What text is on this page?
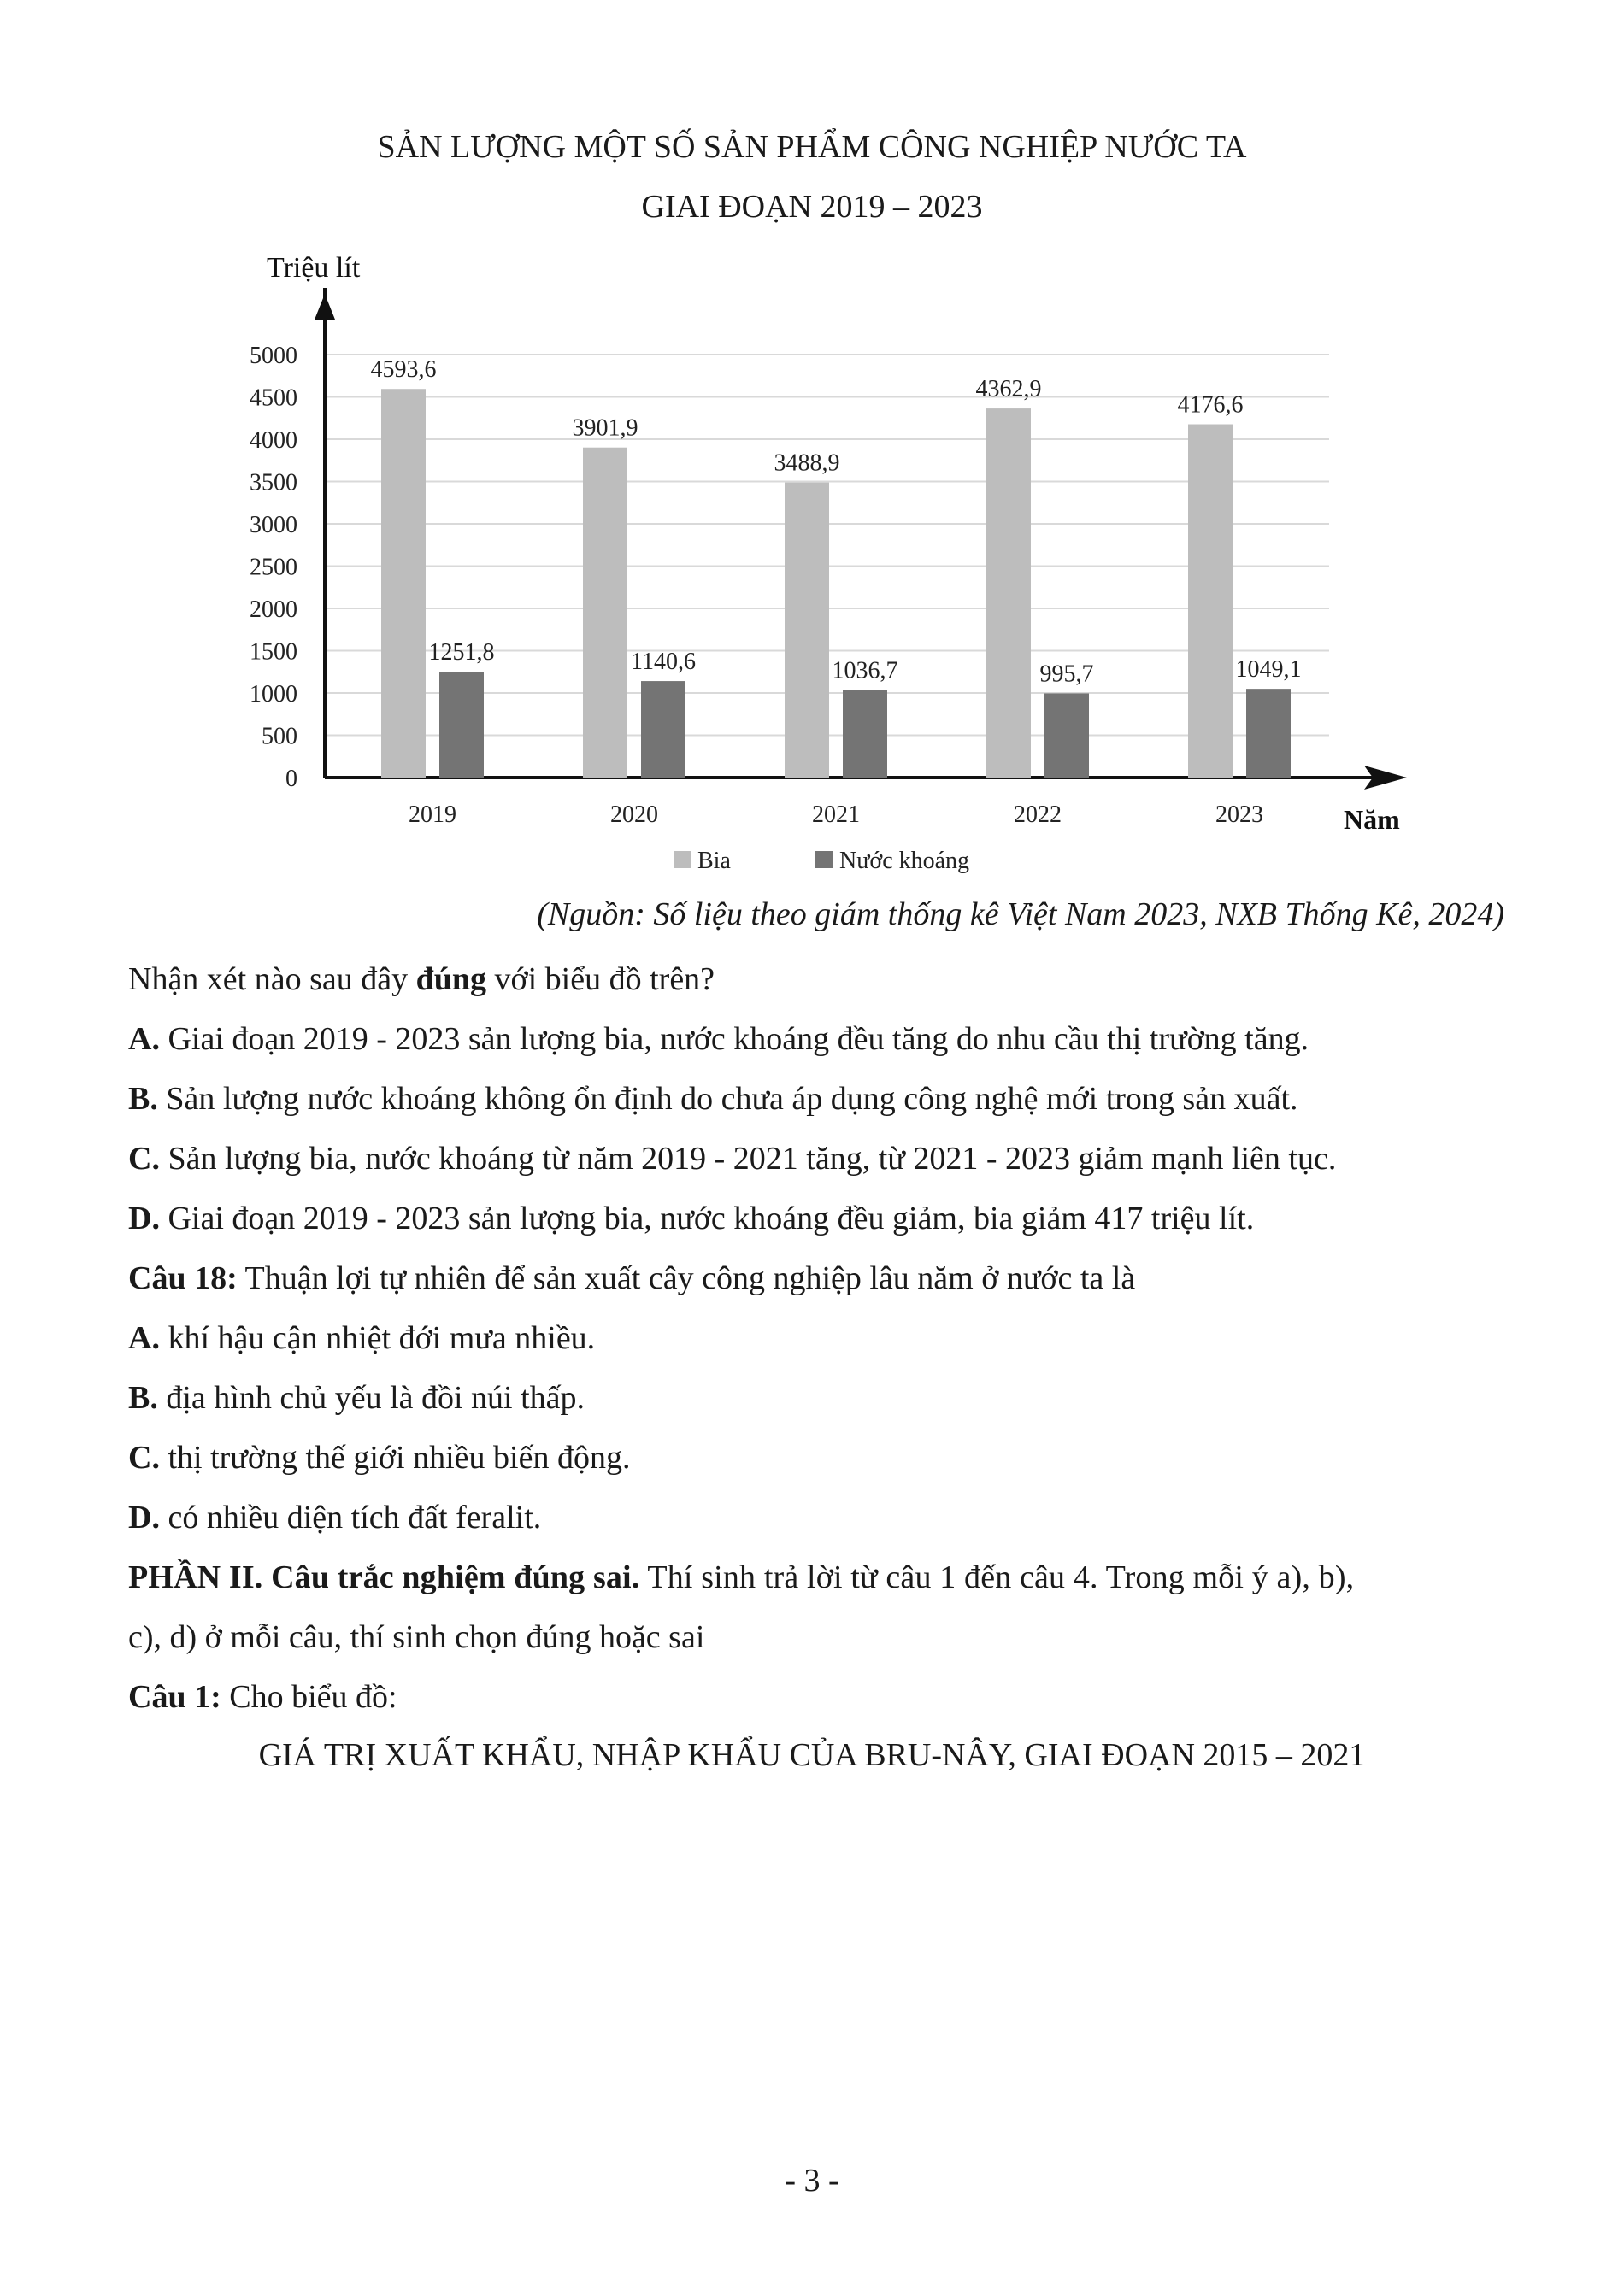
SẢN LƯỢNG MỘT SỐ SẢN PHẨM CÔNG NGHIỆP NƯỚC TA
GIAI ĐOẠN 2019 – 2023
0
500
1000
1500
2000
2500
3000
3500
4000
4500
5000
Triệu lít
Năm
4593,6
1251,8
2019
3901,9
1140,6
2020
3488,9
1036,7
2021
4362,9
995,7
2022
4176,6
1049,1
2023
Bia	Nước khoáng
(Nguồn: Số liệu theo giám thống kê Việt Nam 2023, NXB Thống Kê, 2024)
Nhận xét nào sau đây đúng với biểu đồ trên?
A. Giai đoạn 2019 - 2023 sản lượng bia, nước khoáng đều tăng do nhu cầu thị trường tăng.
B. Sản lượng nước khoáng không ổn định do chưa áp dụng công nghệ mới trong sản xuất.
C. Sản lượng bia, nước khoáng từ năm 2019 - 2021 tăng, từ 2021 - 2023 giảm mạnh liên tục.
D. Giai đoạn 2019 - 2023 sản lượng bia, nước khoáng đều giảm, bia giảm 417 triệu lít.
Câu 18: Thuận lợi tự nhiên để sản xuất cây công nghiệp lâu năm ở nước ta là
A. khí hậu cận nhiệt đới mưa nhiều.
B. địa hình chủ yếu là đồi núi thấp.
C. thị trường thế giới nhiều biến động.
D. có nhiều diện tích đất feralit.
PHẦN II. Câu trắc nghiệm đúng sai. Thí sinh trả lời từ câu 1 đến câu 4. Trong mỗi ý a), b),
c), d) ở mỗi câu, thí sinh chọn đúng hoặc sai
Câu 1: Cho biểu đồ:
GIÁ TRỊ XUẤT KHẨU, NHẬP KHẨU CỦA BRU-NÂY, GIAI ĐOẠN 2015 – 2021
- 3 -
